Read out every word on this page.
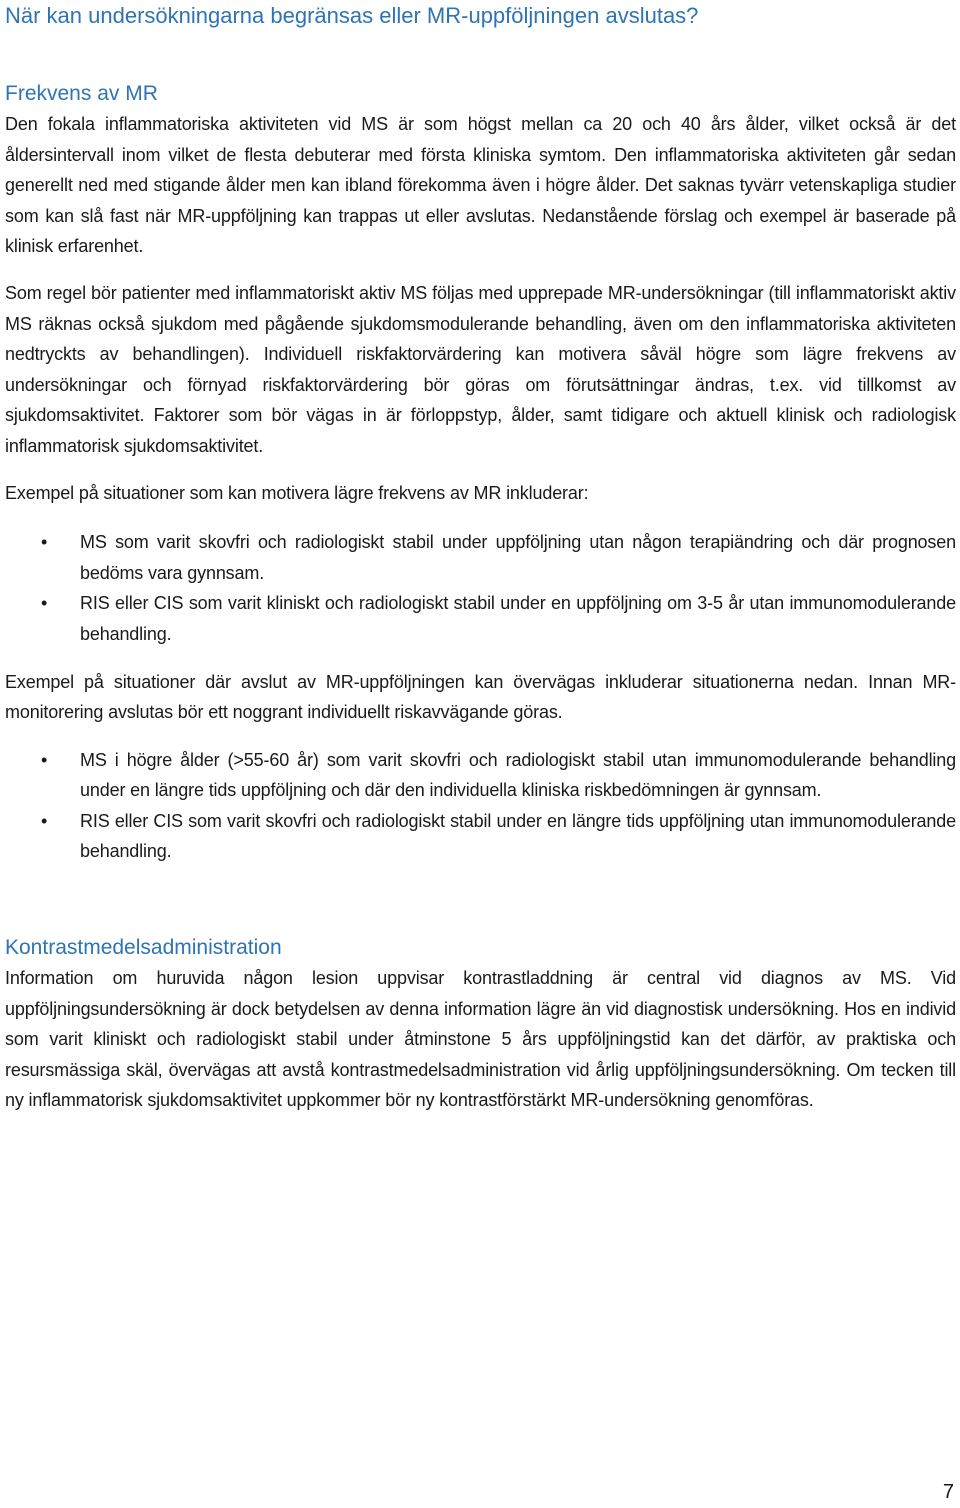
När kan undersökningarna begränsas eller MR-uppföljningen avslutas?
Frekvens av MR

Den fokala inflammatoriska aktiviteten vid MS är som högst mellan ca 20 och 40 års ålder, vilket också är det åldersintervall inom vilket de flesta debuterar med första kliniska symtom. Den inflammatoriska aktiviteten går sedan generellt ned med stigande ålder men kan ibland förekomma även i högre ålder. Det saknas tyvärr vetenskapliga studier som kan slå fast när MR-uppföljning kan trappas ut eller avslutas. Nedanstående förslag och exempel är baserade på klinisk erfarenhet.

Som regel bör patienter med inflammatoriskt aktiv MS följas med upprepade MR-undersökningar (till inflammatoriskt aktiv MS räknas också sjukdom med pågående sjukdomsmodulerande behandling, även om den inflammatoriska aktiviteten nedtryckts av behandlingen). Individuell riskfaktorvärdering kan motivera såväl högre som lägre frekvens av undersökningar och förnyad riskfaktorvärdering bör göras om förutsättningar ändras, t.ex. vid tillkomst av sjukdomsaktivitet. Faktorer som bör vägas in är förloppstyp, ålder, samt tidigare och aktuell klinisk och radiologisk inflammatorisk sjukdomsaktivitet.

Exempel på situationer som kan motivera lägre frekvens av MR inkluderar:

• MS som varit skovfri och radiologiskt stabil under uppföljning utan någon terapiändring och där prognosen bedöms vara gynnsam.
• RIS eller CIS som varit kliniskt och radiologiskt stabil under en uppföljning om 3-5 år utan immunomodulerande behandling.

Exempel på situationer där avslut av MR-uppföljningen kan övervägas inkluderar situationerna nedan. Innan MR-monitorering avslutas bör ett noggrant individuellt riskavvägande göras.

• MS i högre ålder (>55-60 år) som varit skovfri och radiologiskt stabil utan immunomodulerande behandling under en längre tids uppföljning och där den individuella kliniska riskbedömningen är gynnsam.
• RIS eller CIS som varit skovfri och radiologiskt stabil under en längre tids uppföljning utan immunomodulerande behandling.
Kontrastmedelsadministration

Information om huruvida någon lesion uppvisar kontrastladdning är central vid diagnos av MS. Vid uppföljningsundersökning är dock betydelsen av denna information lägre än vid diagnostisk undersökning. Hos en individ som varit kliniskt och radiologiskt stabil under åtminstone 5 års uppföljningstid kan det därför, av praktiska och resursmässiga skäl, övervägas att avstå kontrastmedelsadministration vid årlig uppföljningsundersökning. Om tecken till ny inflammatorisk sjukdomsaktivitet uppkommer bör ny kontrastförstärkt MR-undersökning genomföras.

7
